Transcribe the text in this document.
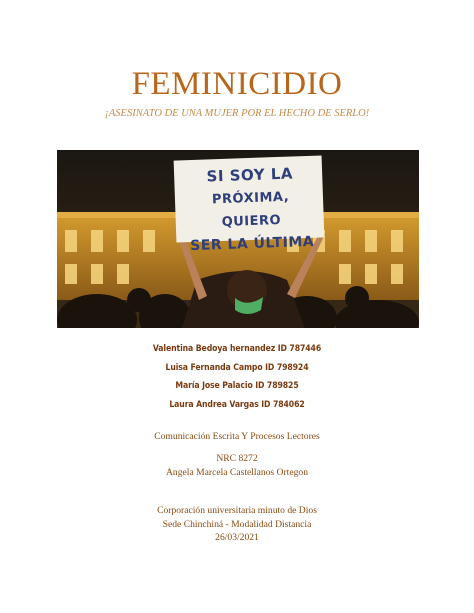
FEMINICIDIO
¡ASESINATO DE UNA MUJER POR EL HECHO DE SERLO!
SI SOY LA
PRÓXIMA, QUIERO
SER LA ÚLTIMA
Valentina Bedoya hernandez ID 787446
Luisa Fernanda Campo ID 798924
María Jose Palacio ID 789825
Laura Andrea Vargas ID 784062
Comunicación Escrita Y Procesos Lectores
NRC 8272
Angela Marcela Castellanos Ortegon
Corporación universitaria minuto de Dios
Sede Chinchiná - Modalidad Distancia
26/03/2021
